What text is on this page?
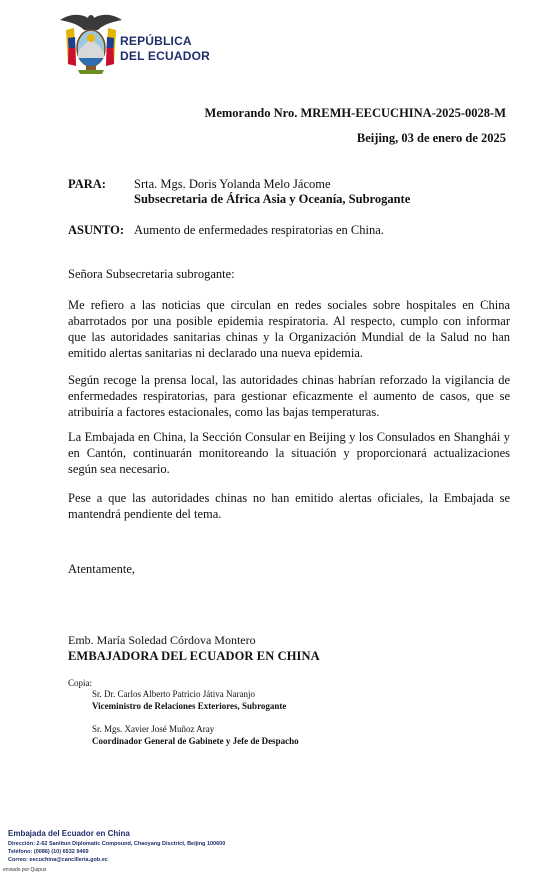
REPÚBLICA
DEL ECUADOR
Memorando Nro. MREMH-EECUCHINA-2025-0028-M
Beijing, 03 de enero de 2025
PARA: Srta. Mgs. Doris Yolanda Melo Jácome
Subsecretaria de África Asia y Oceanía, Subrogante
ASUNTO: Aumento de enfermedades respiratorias en China.
Señora Subsecretaria subrogante:
Me refiero a las noticias que circulan en redes sociales sobre hospitales en China abarrotados por una posible epidemia respiratoria. Al respecto, cumplo con informar que las autoridades sanitarias chinas y la Organización Mundial de la Salud no han emitido alertas sanitarias ni declarado una nueva epidemia.
Según recoge la prensa local, las autoridades chinas habrían reforzado la vigilancia de enfermedades respiratorias, para gestionar eficazmente el aumento de casos, que se atribuiría a factores estacionales, como las bajas temperaturas.
La Embajada en China, la Sección Consular en Beijing y los Consulados en Shanghái y en Cantón, continuarán monitoreando la situación y proporcionará actualizaciones según sea necesario.
Pese a que las autoridades chinas no han emitido alertas oficiales, la Embajada se mantendrá pendiente del tema.
Atentamente,
Emb. María Soledad Córdova Montero
EMBAJADORA DEL ECUADOR EN CHINA
Copia:
Sr. Dr. Carlos Alberto Patricio Játiva Naranjo
Viceministro de Relaciones Exteriores, Subrogante
Sr. Mgs. Xavier José Muñoz Aray
Coordinador General de Gabinete y Jefe de Despacho
Embajada del Ecuador en China
Dirección: 2-62 Sanlitun Diplomatic Compound, Chaoyang Disctrict, Beijing 100600
Teléfono: (0086) (10) 6532 9469
Correo: eecuchina@cancilleria.gob.ec
enviado por Quipux
